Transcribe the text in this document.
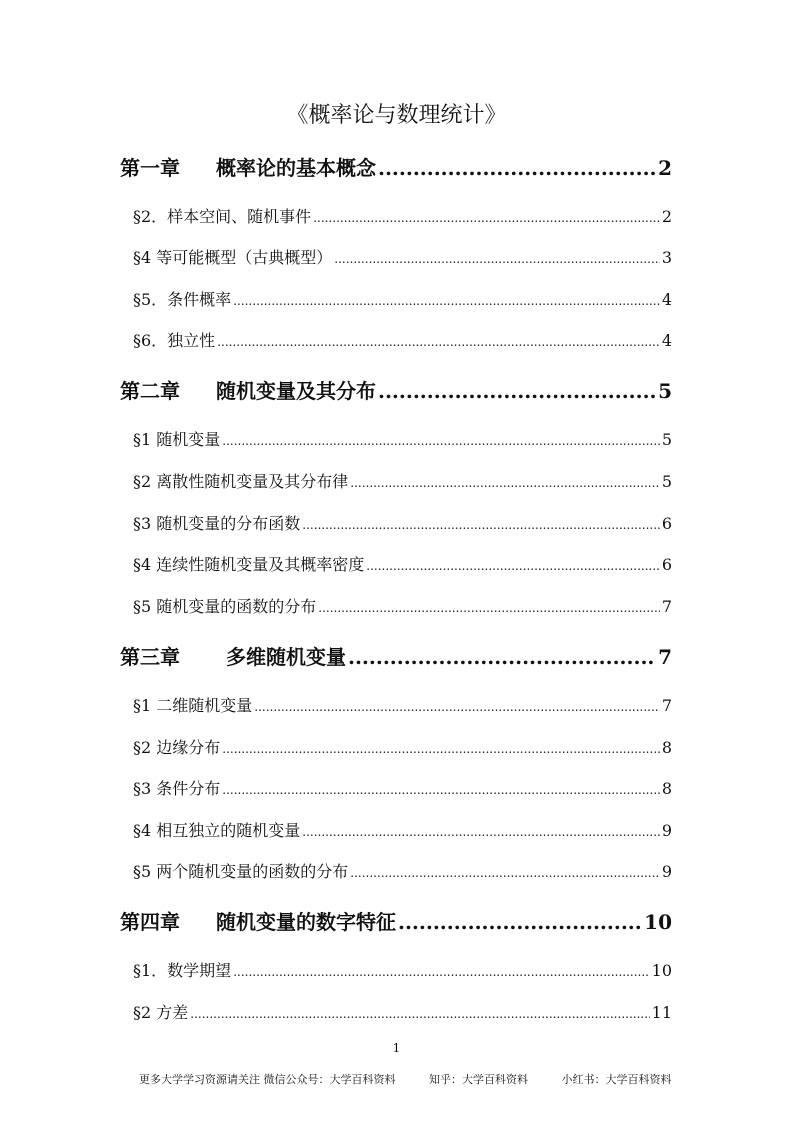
《概率论与数理统计》
第一章 概率论的基本概念 .....	2
§2．样本空间、随机事件 .....	2
§4 等可能概型（古典概型） .....	3
§5．条件概率 .....	4
§6．独立性 .....	4
第二章 随机变量及其分布 .....	5
§1 随机变量 .....	5
§2 离散性随机变量及其分布律 .....	5
§3 随机变量的分布函数 .....	6
§4 连续性随机变量及其概率密度 .....	6
§5 随机变量的函数的分布 .....	7
第三章 多维随机变量 .....	7
§1 二维随机变量 .....	7
§2 边缘分布 .....	8
§3 条件分布 .....	8
§4 相互独立的随机变量 .....	9
§5 两个随机变量的函数的分布 .....	9
第四章 随机变量的数字特征 .....	10
§1．数学期望 .....	10
§2 方差 .....	11
1
更多大学学习资源请关注 微信公众号：大学百科资料	知乎：大学百科资料	小红书：大学百科资料
